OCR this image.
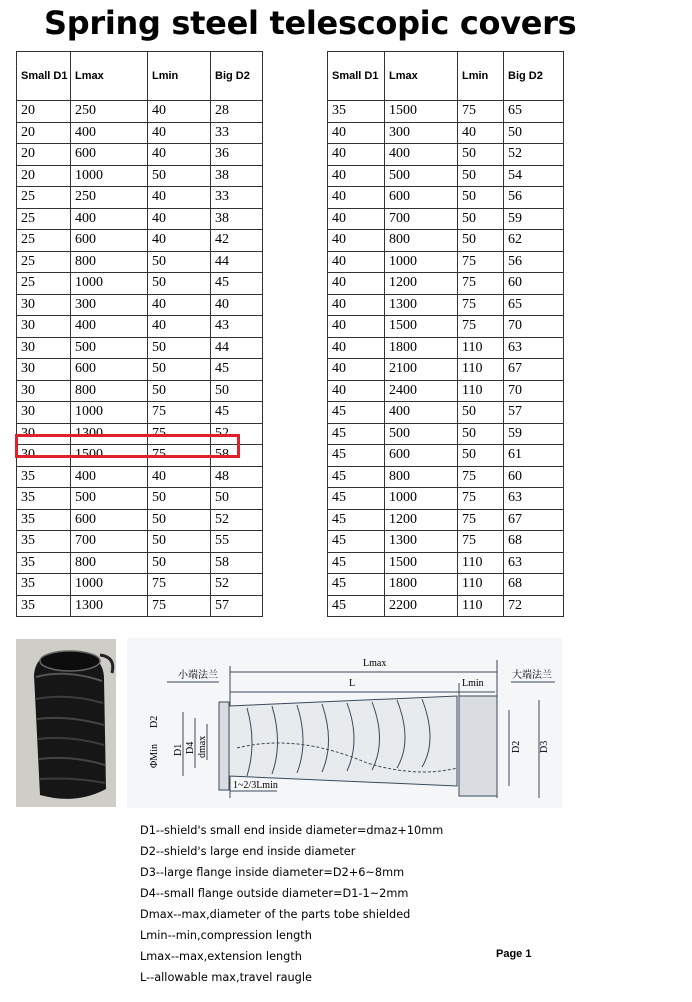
Spring steel telescopic covers
Small D1	Lmax	Lmin	Big D2
20	250	40	28
20	400	40	33
20	600	40	36
20	1000	50	38
25	250	40	33
25	400	40	38
25	600	40	42
25	800	50	44
25	1000	50	45
30	300	40	40
30	400	40	43
30	500	50	44
30	600	50	45
30	800	50	50
30	1000	75	45
30	1300	75	52
30	1500	75	58
35	400	40	48
35	500	50	50
35	600	50	52
35	700	50	55
35	800	50	58
35	1000	75	52
35	1300	75	57
Small D1	Lmax	Lmin	Big D2
35	1500	75	65
40	300	40	50
40	400	50	52
40	500	50	54
40	600	50	56
40	700	50	59
40	800	50	62
40	1000	75	56
40	1200	75	60
40	1300	75	65
40	1500	75	70
40	1800	110	63
40	2100	110	67
40	2400	110	70
45	400	50	57
45	500	50	59
45	600	50	61
45	800	75	60
45	1000	75	63
45	1200	75	67
45	1300	75	68
45	1500	110	63
45	1800	110	68
45	2200	110	72
小端法兰	大端法兰
Lmax
L	Lmin
ΦMin
D2
D1 D4 dmax
1~2/3Lmin
D2 D3
D1--shield's small end inside diameter=dmaz+10mm
D2--shield's large end inside diameter
D3--large flange inside diameter=D2+6~8mm
D4--small flange outside diameter=D1-1~2mm
Dmax--max,diameter of the parts tobe shielded
Lmin--min,compression length
Lmax--max,extension length
L--allowable max,travel raugle
Page 1
